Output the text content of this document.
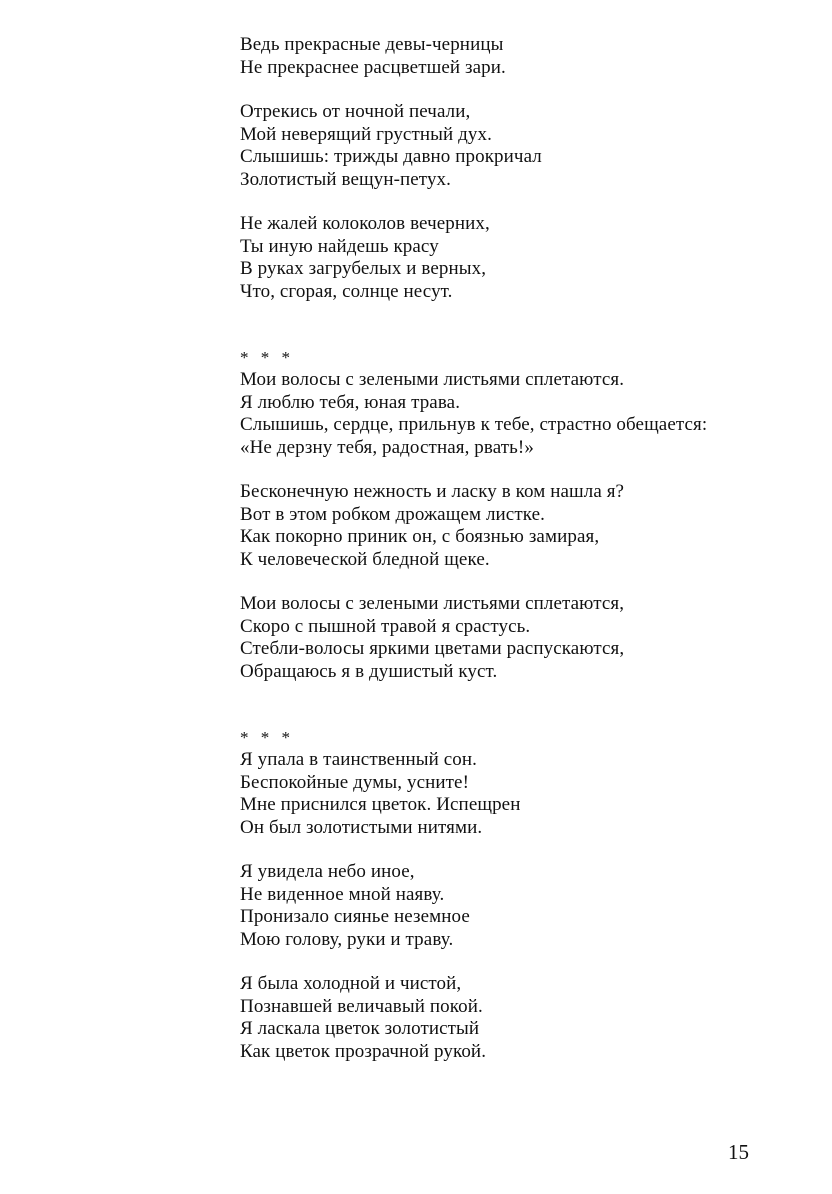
Ведь прекрасные девы-черницы
Не прекраснее расцветшей зари.
Отрекись от ночной печали,
Мой неверящий грустный дух.
Слышишь: трижды давно прокричал
Золотистый вещун-петух.
Не жалей колоколов вечерних,
Ты иную найдешь красу
В руках загрубелых и верных,
Что, сгорая, солнце несут.
* * *
Мои волосы с зелеными листьями сплетаются.
Я люблю тебя, юная трава.
Слышишь, сердце, прильнув к тебе, страстно обещается:
«Не дерзну тебя, радостная, рвать!»
Бесконечную нежность и ласку в ком нашла я?
Вот в этом робком дрожащем листке.
Как покорно приник он, с боязнью замирая,
К человеческой бледной щеке.
Мои волосы с зелеными листьями сплетаются,
Скоро с пышной травой я срастусь.
Стебли-волосы яркими цветами распускаются,
Обращаюсь я в душистый куст.
* * *
Я упала в таинственный сон.
Беспокойные думы, усните!
Мне приснился цветок. Испещрен
Он был золотистыми нитями.
Я увидела небо иное,
Не виденное мной наяву.
Пронизало сиянье неземное
Мою голову, руки и траву.
Я была холодной и чистой,
Познавшей величавый покой.
Я ласкала цветок золотистый
Как цветок прозрачной рукой.
15
